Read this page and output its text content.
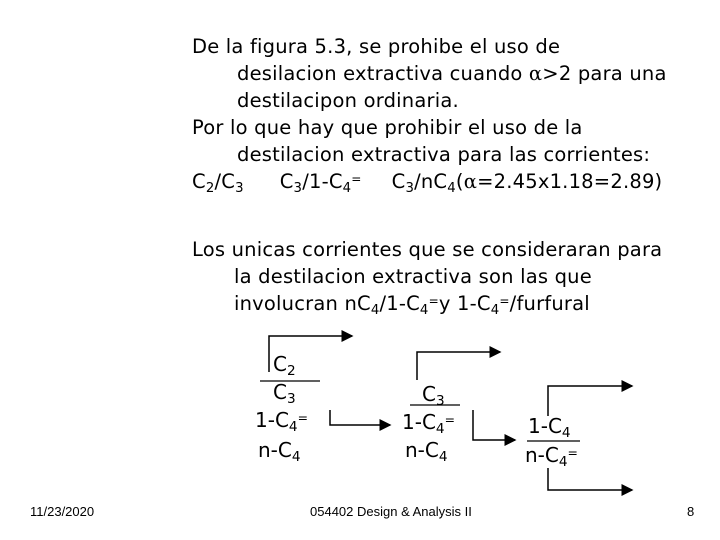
De la figura 5.3, se prohibe el uso de
desilacion extractiva cuando α>2 para una
destilacipon ordinaria.
Por lo que hay que prohibir el uso de la
destilacion extractiva para las corrientes:
$C_2/C_3$ $C_3/1-C_4^=$ $C_3/nC_4(\alpha=2.45x1.18=2.89)$
Los unicas corrientes que se consideraran para
la destilacion extractiva son las que
involucran $nC_4/1-C_4^=y$ $1-C_4^=$/furfural
$C_2$
$C_3$
$1-C_4^=$
$n-C_4$
$C_3$
$1-C_4^=$
$n-C_4$
$1-C_4$
$n-C_4^=$
11/23/2020	054402 Design & Analysis II	8
